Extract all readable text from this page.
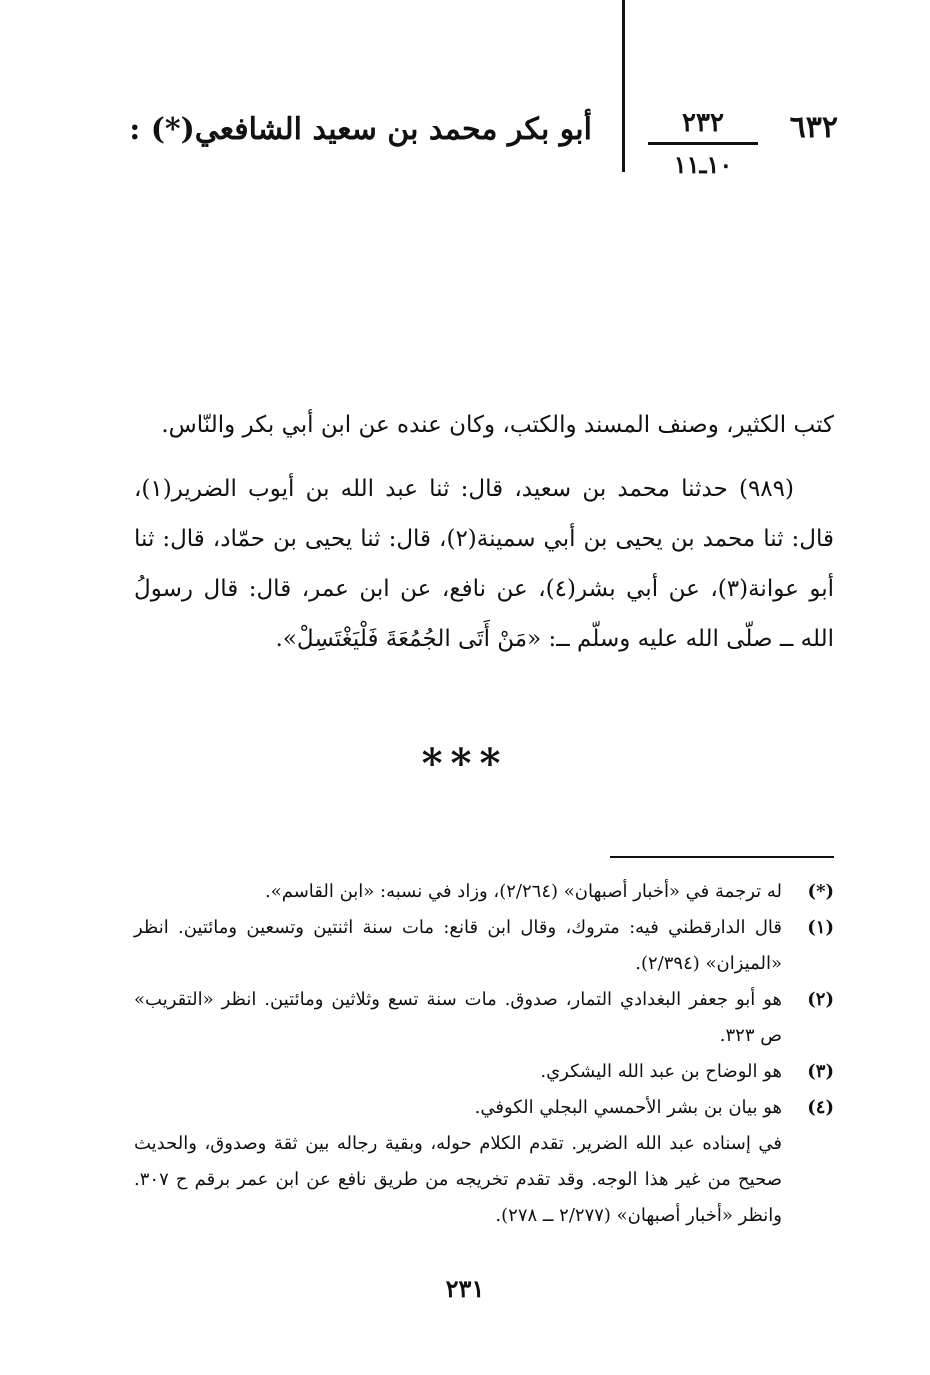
٦٣٢
٢٣٢
١٠ـ١١
أبو بكر محمد بن سعيد الشافعي(*) :

كتب الكثير، وصنف المسند والكتب، وكان عنده عن ابن أبي بكر والنّاس.

(٩٨٩) حدثنا محمد بن سعيد، قال: ثنا عبد الله بن أيوب الضرير(١)، قال: ثنا محمد بن يحيى بن أبي سمينة(٢)، قال: ثنا يحيى بن حمّاد، قال: ثنا أبو عوانة(٣)، عن أبي بشر(٤)، عن نافع، عن ابن عمر، قال: قال رسولُ الله ــ صلّى الله عليه وسلّم ــ: «مَنْ أَتَى الجُمُعَةَ فَلْيَغْتَسِلْ».

***
(*)
له ترجمة في «أخبار أصبهان» (٢/٢٦٤)، وزاد في نسبه: «ابن القاسم».
(١)
قال الدارقطني فيه: متروك، وقال ابن قانع: مات سنة اثنتين وتسعين ومائتين. انظر «الميزان» (٢/٣٩٤).
(٢)
هو أبو جعفر البغدادي التمار، صدوق. مات سنة تسع وثلاثين ومائتين. انظر «التقريب» ص ٣٢٣.
(٣)
هو الوضاح بن عبد الله اليشكري.
(٤)
هو بيان بن بشر الأحمسي البجلي الكوفي.
في إسناده عبد الله الضرير. تقدم الكلام حوله، وبقية رجاله بين ثقة وصدوق، والحديث صحيح من غير هذا الوجه. وقد تقدم تخريجه من طريق نافع عن ابن عمر برقم ح ٣٠٧. وانظر «أخبار أصبهان» (٢/٢٧٧ ــ ٢٧٨).
٢٣١
